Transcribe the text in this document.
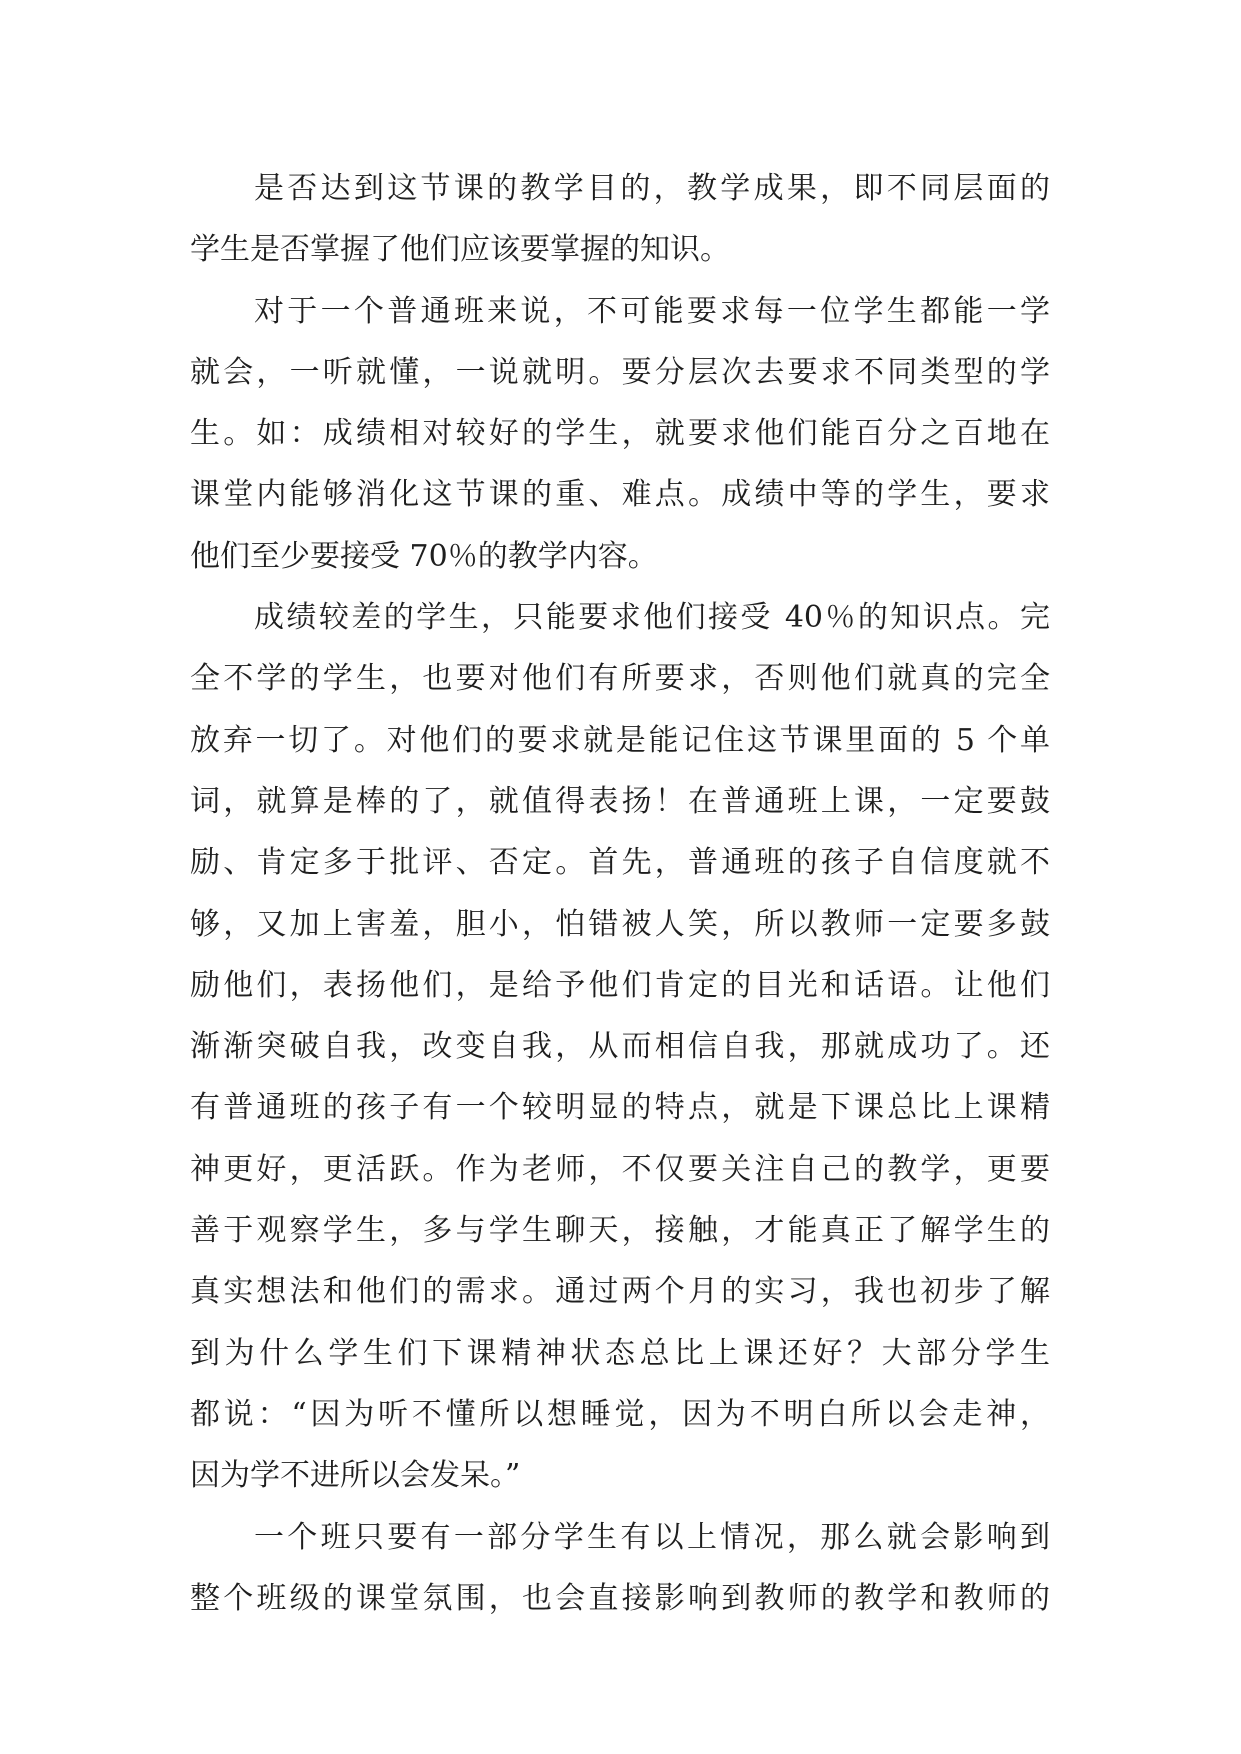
是否达到这节课的教学目的，教学成果，即不同层面的
学生是否掌握了他们应该要掌握的知识。
对于一个普通班来说，不可能要求每一位学生都能一学
就会，一听就懂，一说就明。要分层次去要求不同类型的学
生。如：成绩相对较好的学生，就要求他们能百分之百地在
课堂内能够消化这节课的重、难点。成绩中等的学生，要求
他们至少要接受 70％的教学内容。
成绩较差的学生，只能要求他们接受 40％的知识点。完
全不学的学生，也要对他们有所要求，否则他们就真的完全
放弃一切了。对他们的要求就是能记住这节课里面的 5 个单
词，就算是棒的了，就值得表扬！在普通班上课，一定要鼓
励、肯定多于批评、否定。首先，普通班的孩子自信度就不
够，又加上害羞，胆小，怕错被人笑，所以教师一定要多鼓
励他们，表扬他们，是给予他们肯定的目光和话语。让他们
渐渐突破自我，改变自我，从而相信自我，那就成功了。还
有普通班的孩子有一个较明显的特点，就是下课总比上课精
神更好，更活跃。作为老师，不仅要关注自己的教学，更要
善于观察学生，多与学生聊天，接触，才能真正了解学生的
真实想法和他们的需求。通过两个月的实习，我也初步了解
到为什么学生们下课精神状态总比上课还好？大部分学生
都说：“因为听不懂所以想睡觉，因为不明白所以会走神，
因为学不进所以会发呆。”
一个班只要有一部分学生有以上情况，那么就会影响到
整个班级的课堂氛围，也会直接影响到教师的教学和教师的
